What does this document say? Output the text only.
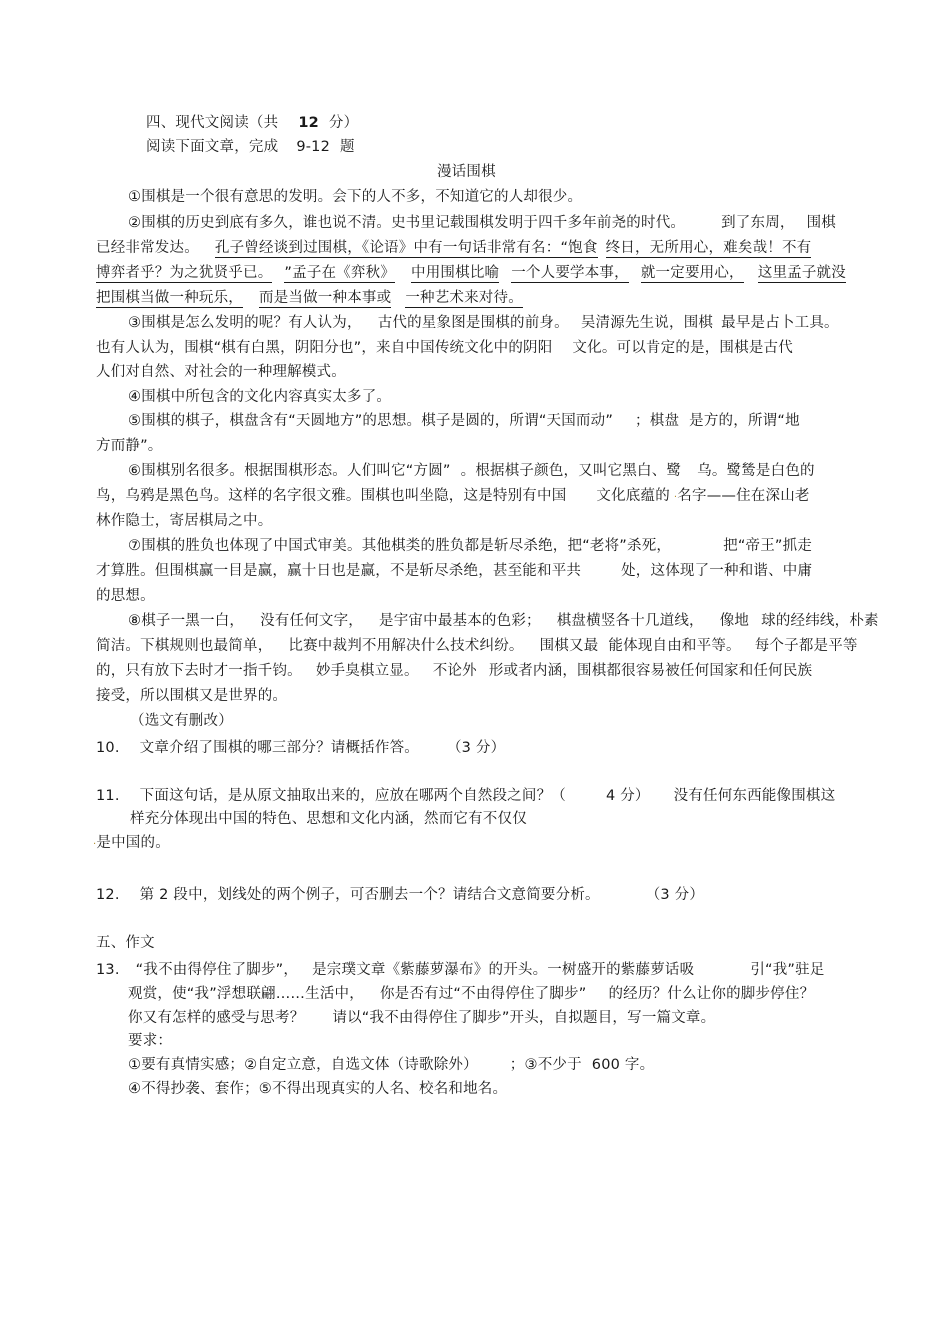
四、现代文阅读（共 12 分）
阅读下面文章，完成 9-12 题
漫话围棋
①围棋是一个很有意思的发明。会下的人不多，不知道它的人却很少。
②围棋的历史到底有多久，谁也说不清。史书里记载围棋发明于四千多年前尧的时代。 到了东周， 围棋
已经非常发达。 孔子曾经谈到过围棋，《论语》中有一句话非常有名：“饱食 终日，无所用心，难矣哉！不有
博弈者乎？为之犹贤乎已。 ”孟子在《弈秋》 中用围棋比喻 一个人要学本事， 就一定要用心， 这里孟子就没
把围棋当做一种玩乐， 而是当做一种本事或 一种艺术来对待。
③围棋是怎么发明的呢？有人认为， 古代的星象图是围棋的前身。 吴清源先生说，围棋 最早是占卜工具。
也有人认为，围棋“棋有白黑，阴阳分也”，来自中国传统文化中的阴阳 文化。可以肯定的是，围棋是古代
人们对自然、对社会的一种理解模式。
④围棋中所包含的文化内容真实太多了。
⑤围棋的棋子，棋盘含有“天圆地方”的思想。棋子是圆的，所谓“天国而动” ；棋盘 是方的，所谓“地
方而静”。
⑥围棋别名很多。根据围棋形态。人们叫它“方圆” 。根据棋子颜色，又叫它黑白、鹭 乌。鹭鸶是白色的
鸟，乌鸦是黑色鸟。这样的名字很文雅。围棋也叫坐隐，这是特别有中国 文化底蕴的 ·名字——住在深山老
林作隐士，寄居棋局之中。
⑦围棋的胜负也体现了中国式审美。其他棋类的胜负都是斩尽杀绝，把“老将”杀死，	把“帝王”抓走
才算胜。但围棋赢一目是赢，赢十日也是赢，不是斩尽杀绝，甚至能和平共	处，这体现了一种和谐、中庸
的思想。
⑧棋子一黑一白， 没有任何文字， 是宇宙中最基本的色彩； 棋盘横竖各十几道线， 像地 球的经纬线，朴素
简洁。下棋规则也最简单， 比赛中裁判不用解决什么技术纠纷。 围棋又最 能体现自由和平等。 每个子都是平等
的，只有放下去时才一指千钧。 妙手臭棋立显。 不论外 形或者内涵，围棋都很容易被任何国家和任何民族
接受，所以围棋又是世界的。
（选文有删改）
10. 文章介绍了围棋的哪三部分？请概括作答。 （3 分）
11. 下面这句话，是从原文抽取出来的，应放在哪两个自然段之间？（	4 分） 没有任何东西能像围棋这
样充分体现出中国的特色、思想和文化内涵，然而它有不仅仅
·是中国的。
12. 第 2 段中，划线处的两个例子，可否删去一个？请结合文意简要分析。	（3 分）
五、作文
13. “我不由得停住了脚步”， 是宗璞文章《紫藤萝瀑布》的开头。一树盛开的紫藤萝话吸	引“我”驻足
观赏，使“我”浮想联翩……生活中， 你是否有过“不由得停住了脚步” 的经历？什么让你的脚步停住？
你又有怎样的感受与思考？ 请以“我不由得停住了脚步”开头，自拟题目，写一篇文章。
要求：
①要有真情实感；②自定立意，自选文体（诗歌除外） ；③不少于 600 字。
④不得抄袭、套作；⑤不得出现真实的人名、校名和地名。
